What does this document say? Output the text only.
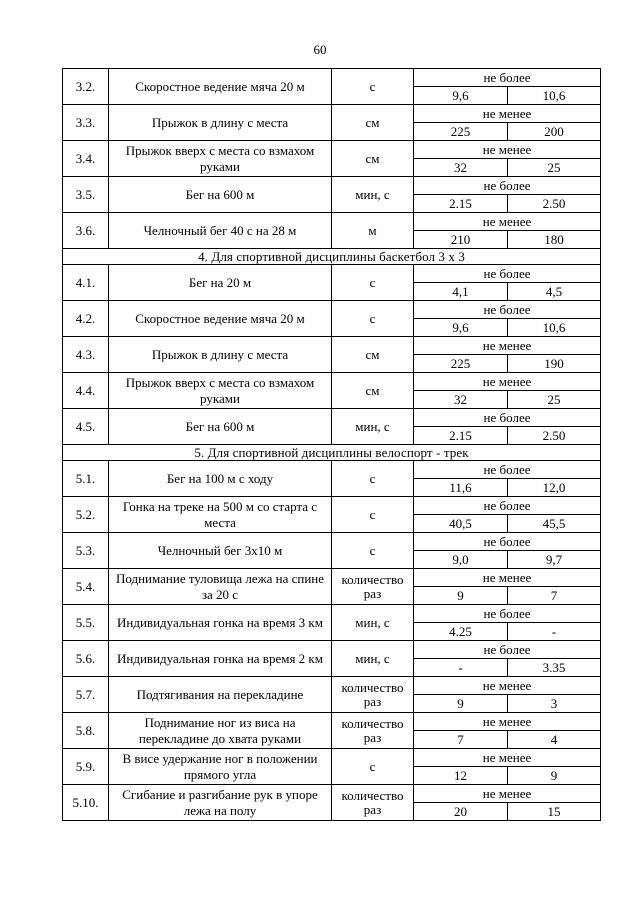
60
3.2.	Скоростное ведение мяча 20 м	с	не более	
			9,6	10,6
3.3.	Прыжок в длину с места	см	не менее	
			225	200
3.4.	Прыжок вверх с места со взмахом руками	см	не менее	
			32	25
3.5.	Бег на 600 м	мин, с	не более	
			2.15	2.50
3.6.	Челночный бег 40 с на 28 м	м	не менее	
			210	180
4. Для спортивной дисциплины баскетбол 3 х 3				
4.1.	Бег на 20 м	с	не более	
			4,1	4,5
4.2.	Скоростное ведение мяча 20 м	с	не более	
			9,6	10,6
4.3.	Прыжок в длину с места	см	не менее	
			225	190
4.4.	Прыжок вверх с места со взмахом руками	см	не менее	
			32	25
4.5.	Бег на 600 м	мин, с	не более	
			2.15	2.50
5. Для спортивной дисциплины велоспорт - трек				
5.1.	Бег на 100 м с ходу	с	не более	
			11,6	12,0
5.2.	Гонка на треке на 500 м со старта с места	с	не более	
			40,5	45,5
5.3.	Челночный бег 3х10 м	с	не более	
			9,0	9,7
5.4.	Поднимание туловища лежа на спине за 20 с	количество раз	не менее	
			9	7
5.5.	Индивидуальная гонка на время 3 км	мин, с	не более	
			4.25	-
5.6.	Индивидуальная гонка на время 2 км	мин, с	не более	
			-	3.35
5.7.	Подтягивания на перекладине	количество раз	не менее	
			9	3
5.8.	Поднимание ног из виса на перекладине до хвата руками	количество раз	не менее	
			7	4
5.9.	В висе удержание ног в положении прямого угла	с	не менее	
			12	9
5.10.	Сгибание и разгибание рук в упоре лежа на полу	количество раз	не менее	
			20	15
